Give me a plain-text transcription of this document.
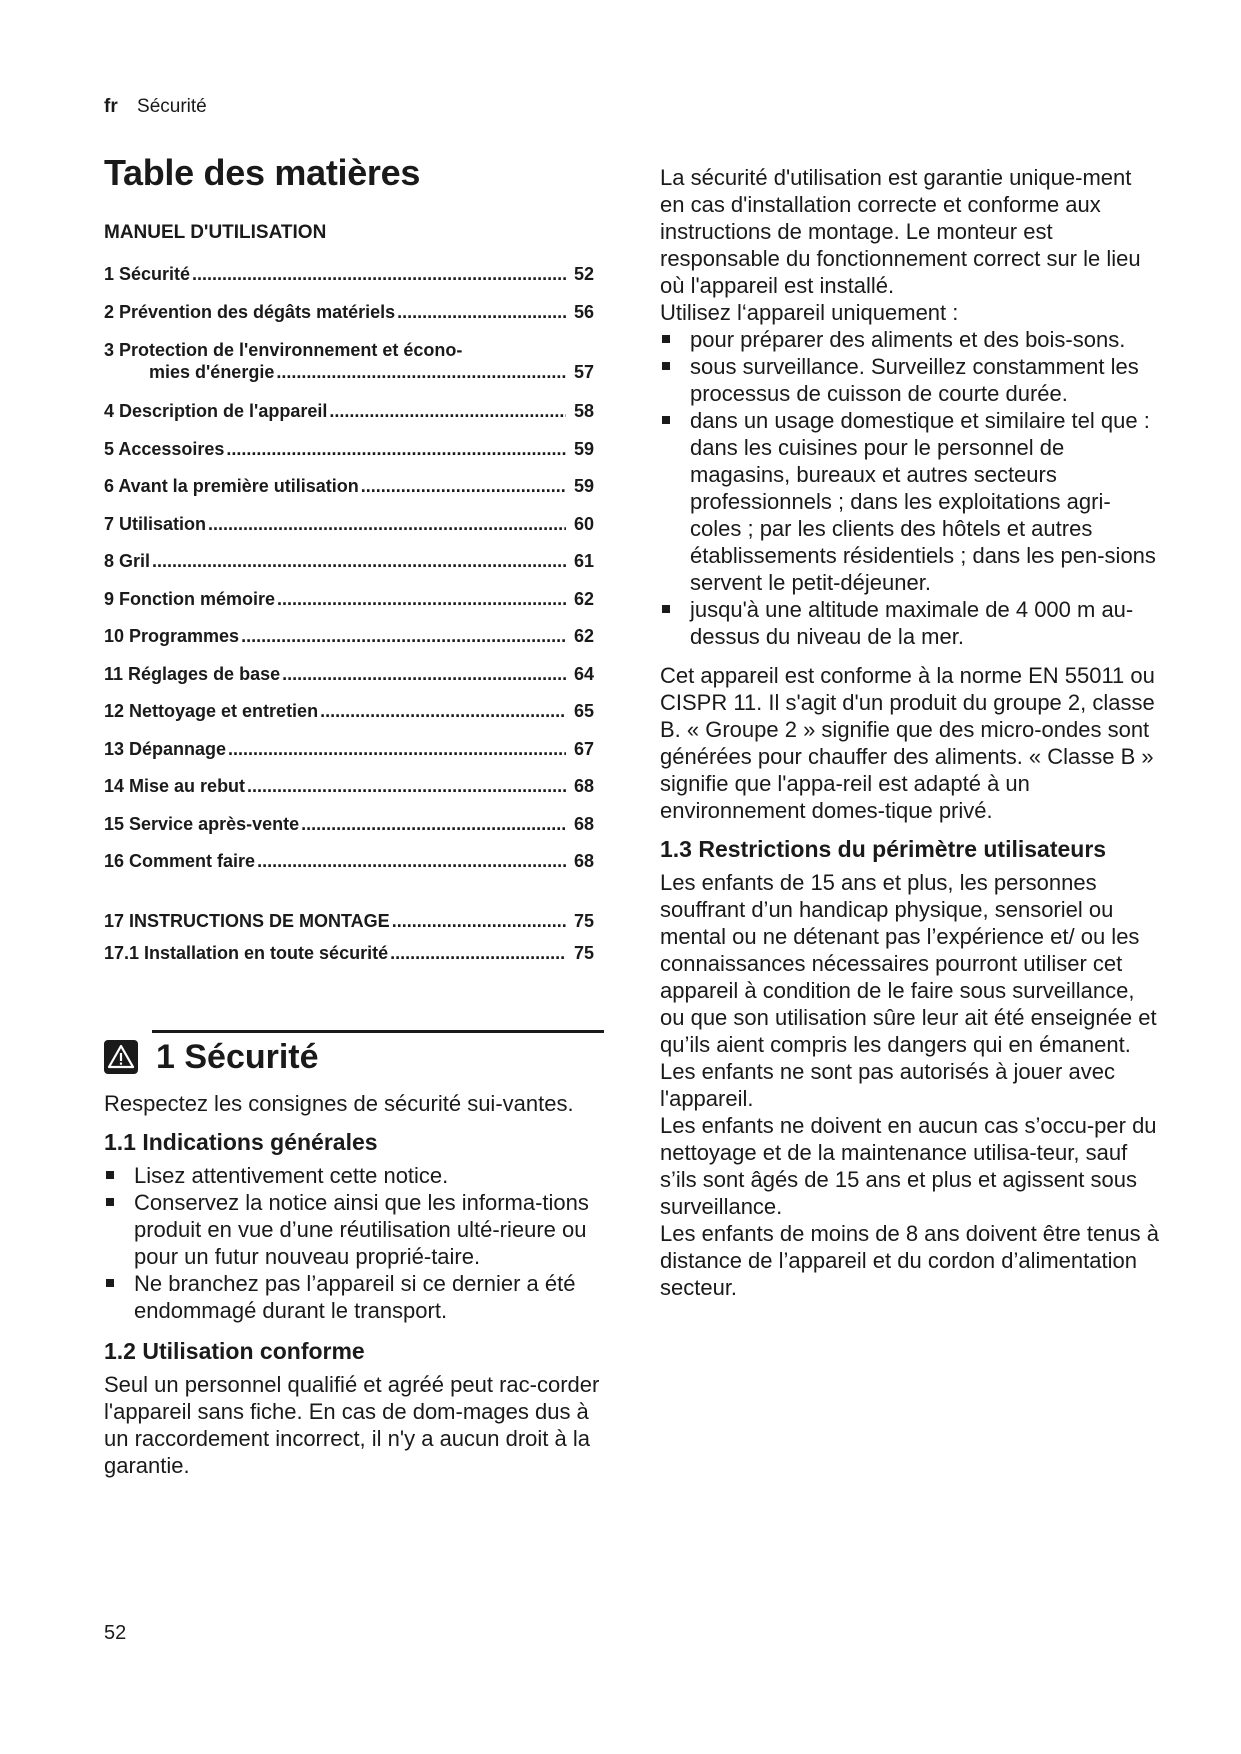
fr Sécurité
Table des matières
MANUEL D'UTILISATION
1 Sécurité .....	52
2 Prévention des dégâts matériels .....	56
3 Protection de l'environnement et écono-
mies d'énergie .....	57
4 Description de l'appareil .....	58
5 Accessoires .....	59
6 Avant la première utilisation .....	59
7 Utilisation .....	60
8 Gril .....	61
9 Fonction mémoire .....	62
10 Programmes .....	62
11 Réglages de base .....	64
12 Nettoyage et entretien .....	65
13 Dépannage .....	67
14 Mise au rebut .....	68
15 Service après-vente .....	68
16 Comment faire .....	68
17 INSTRUCTIONS DE MONTAGE .....	75
17.1 Installation en toute sécurité .....	75
1 Sécurité

Respectez les consignes de sécurité sui-vantes.

1.1 Indications générales
Lisez attentivement cette notice.
Conservez la notice ainsi que les informa-tions produit en vue d’une réutilisation ulté-rieure ou pour un futur nouveau proprié-taire.
Ne branchez pas l’appareil si ce dernier a été endommagé durant le transport.
1.2 Utilisation conforme

Seul un personnel qualifié et agréé peut rac-corder l'appareil sans fiche. En cas de dom-mages dus à un raccordement incorrect, il n'y a aucun droit à la garantie.

La sécurité d'utilisation est garantie unique-ment en cas d'installation correcte et conforme aux instructions de montage. Le monteur est responsable du fonctionnement correct sur le lieu où l'appareil est installé.

Utilisez l‘appareil uniquement :

pour préparer des aliments et des bois-sons.
sous surveillance. Surveillez constamment les processus de cuisson de courte durée.
dans un usage domestique et similaire tel que : dans les cuisines pour le personnel de magasins, bureaux et autres secteurs professionnels ; dans les exploitations agri-coles ; par les clients des hôtels et autres établissements résidentiels ; dans les pen-sions servent le petit-déjeuner.
jusqu'à une altitude maximale de 4 000 m au-dessus du niveau de la mer.

Cet appareil est conforme à la norme EN 55011 ou CISPR 11. Il s'agit d'un produit du groupe 2, classe B. « Groupe 2 » signifie que des micro-ondes sont générées pour chauffer des aliments. « Classe B » signifie que l'appa-reil est adapté à un environnement domes-tique privé.

1.3 Restrictions du périmètre utilisateurs

Les enfants de 15 ans et plus, les personnes souffrant d’un handicap physique, sensoriel ou mental ou ne détenant pas l’expérience et/ ou les connaissances nécessaires pourront utiliser cet appareil à condition de le faire sous surveillance, ou que son utilisation sûre leur ait été enseignée et qu’ils aient compris les dangers qui en émanent.

Les enfants ne sont pas autorisés à jouer avec l'appareil.

Les enfants ne doivent en aucun cas s’occu-per du nettoyage et de la maintenance utilisa-teur, sauf s’ils sont âgés de 15 ans et plus et agissent sous surveillance.

Les enfants de moins de 8 ans doivent être tenus à distance de l’appareil et du cordon d’alimentation secteur.

52
